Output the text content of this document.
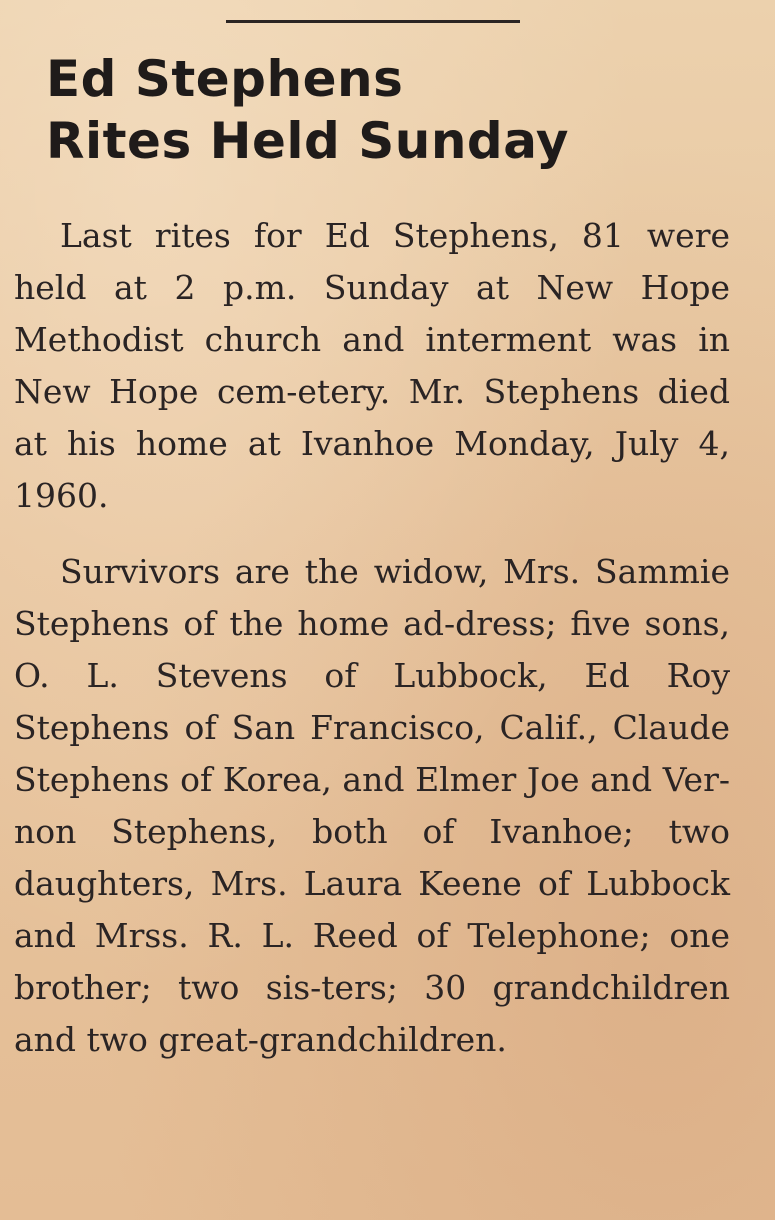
Ed Stephens
Rites Held Sunday

Last rites for Ed Stephens, 81 were held at 2 p.m. Sunday at New Hope Methodist church and interment was in New Hope cem-etery. Mr. Stephens died at his home at Ivanhoe Monday, July 4, 1960.

Survivors are the widow, Mrs. Sammie Stephens of the home ad-dress; five sons, O. L. Stevens of Lubbock, Ed Roy Stephens of San Francisco, Calif., Claude Stephens of Korea, and Elmer Joe and Ver-non Stephens, both of Ivanhoe; two daughters, Mrs. Laura Keene of Lubbock and Mrss. R. L. Reed of Telephone; one brother; two sis-ters; 30 grandchildren and two great-grandchildren.
